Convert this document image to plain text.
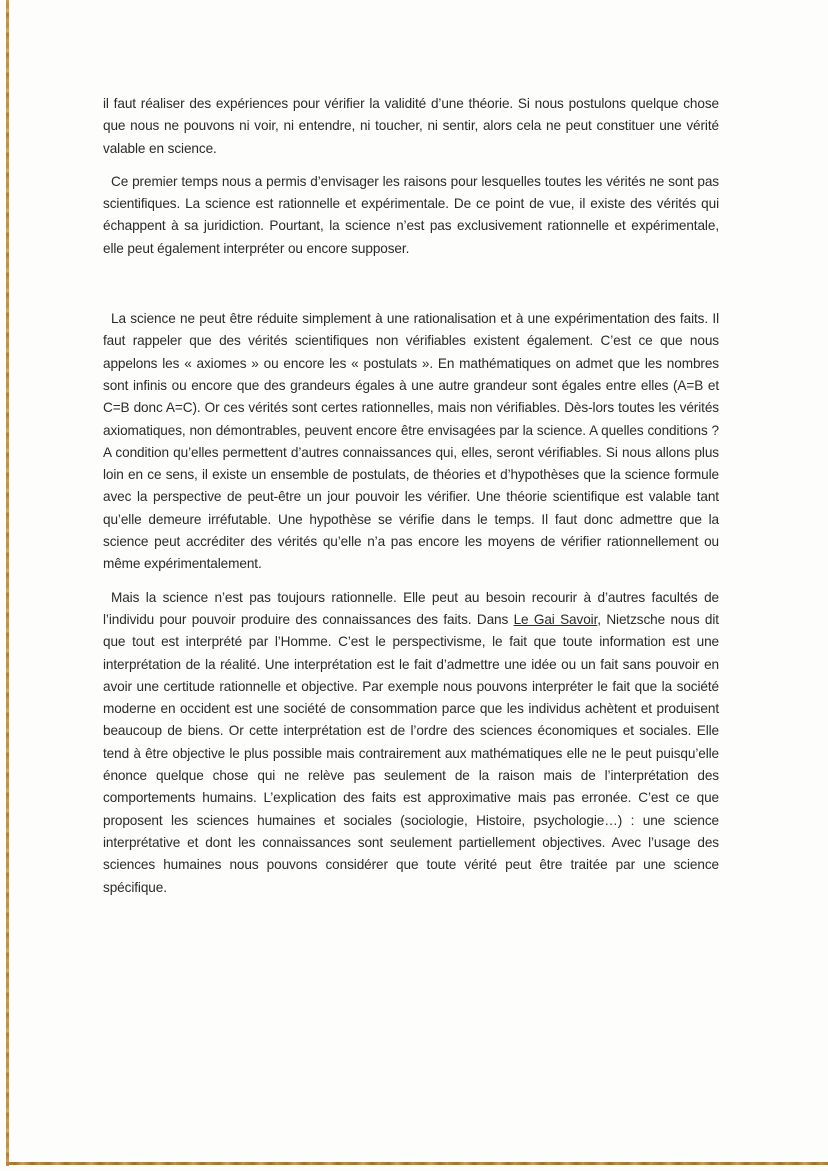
il faut réaliser des expériences pour vérifier la validité d’une théorie. Si nous postulons quelque chose que nous ne pouvons ni voir, ni entendre, ni toucher, ni sentir, alors cela ne peut constituer une vérité valable en science.

Ce premier temps nous a permis d’envisager les raisons pour lesquelles toutes les vérités ne sont pas scientifiques. La science est rationnelle et expérimentale. De ce point de vue, il existe des vérités qui échappent à sa juridiction. Pourtant, la science n’est pas exclusivement rationnelle et expérimentale, elle peut également interpréter ou encore supposer.

La science ne peut être réduite simplement à une rationalisation et à une expérimentation des faits. Il faut rappeler que des vérités scientifiques non vérifiables existent également. C’est ce que nous appelons les « axiomes » ou encore les « postulats ». En mathématiques on admet que les nombres sont infinis ou encore que des grandeurs égales à une autre grandeur sont égales entre elles (A=B et C=B donc A=C). Or ces vérités sont certes rationnelles, mais non vérifiables. Dès-lors toutes les vérités axiomatiques, non démontrables, peuvent encore être envisagées par la science. A quelles conditions ? A condition qu’elles permettent d’autres connaissances qui, elles, seront vérifiables. Si nous allons plus loin en ce sens, il existe un ensemble de postulats, de théories et d’hypothèses que la science formule avec la perspective de peut-être un jour pouvoir les vérifier. Une théorie scientifique est valable tant qu’elle demeure irréfutable. Une hypothèse se vérifie dans le temps. Il faut donc admettre que la science peut accréditer des vérités qu’elle n’a pas encore les moyens de vérifier rationnellement ou même expérimentalement.

Mais la science n’est pas toujours rationnelle. Elle peut au besoin recourir à d’autres facultés de l’individu pour pouvoir produire des connaissances des faits. Dans Le Gai Savoir, Nietzsche nous dit que tout est interprété par l’Homme. C’est le perspectivisme, le fait que toute information est une interprétation de la réalité. Une interprétation est le fait d’admettre une idée ou un fait sans pouvoir en avoir une certitude rationnelle et objective. Par exemple nous pouvons interpréter le fait que la société moderne en occident est une société de consommation parce que les individus achètent et produisent beaucoup de biens. Or cette interprétation est de l’ordre des sciences économiques et sociales. Elle tend à être objective le plus possible mais contrairement aux mathématiques elle ne le peut puisqu’elle énonce quelque chose qui ne relève pas seulement de la raison mais de l’interprétation des comportements humains. L’explication des faits est approximative mais pas erronée. C’est ce que proposent les sciences humaines et sociales (sociologie, Histoire, psychologie…) : une science interprétative et dont les connaissances sont seulement partiellement objectives. Avec l’usage des sciences humaines nous pouvons considérer que toute vérité peut être traitée par une science spécifique.
